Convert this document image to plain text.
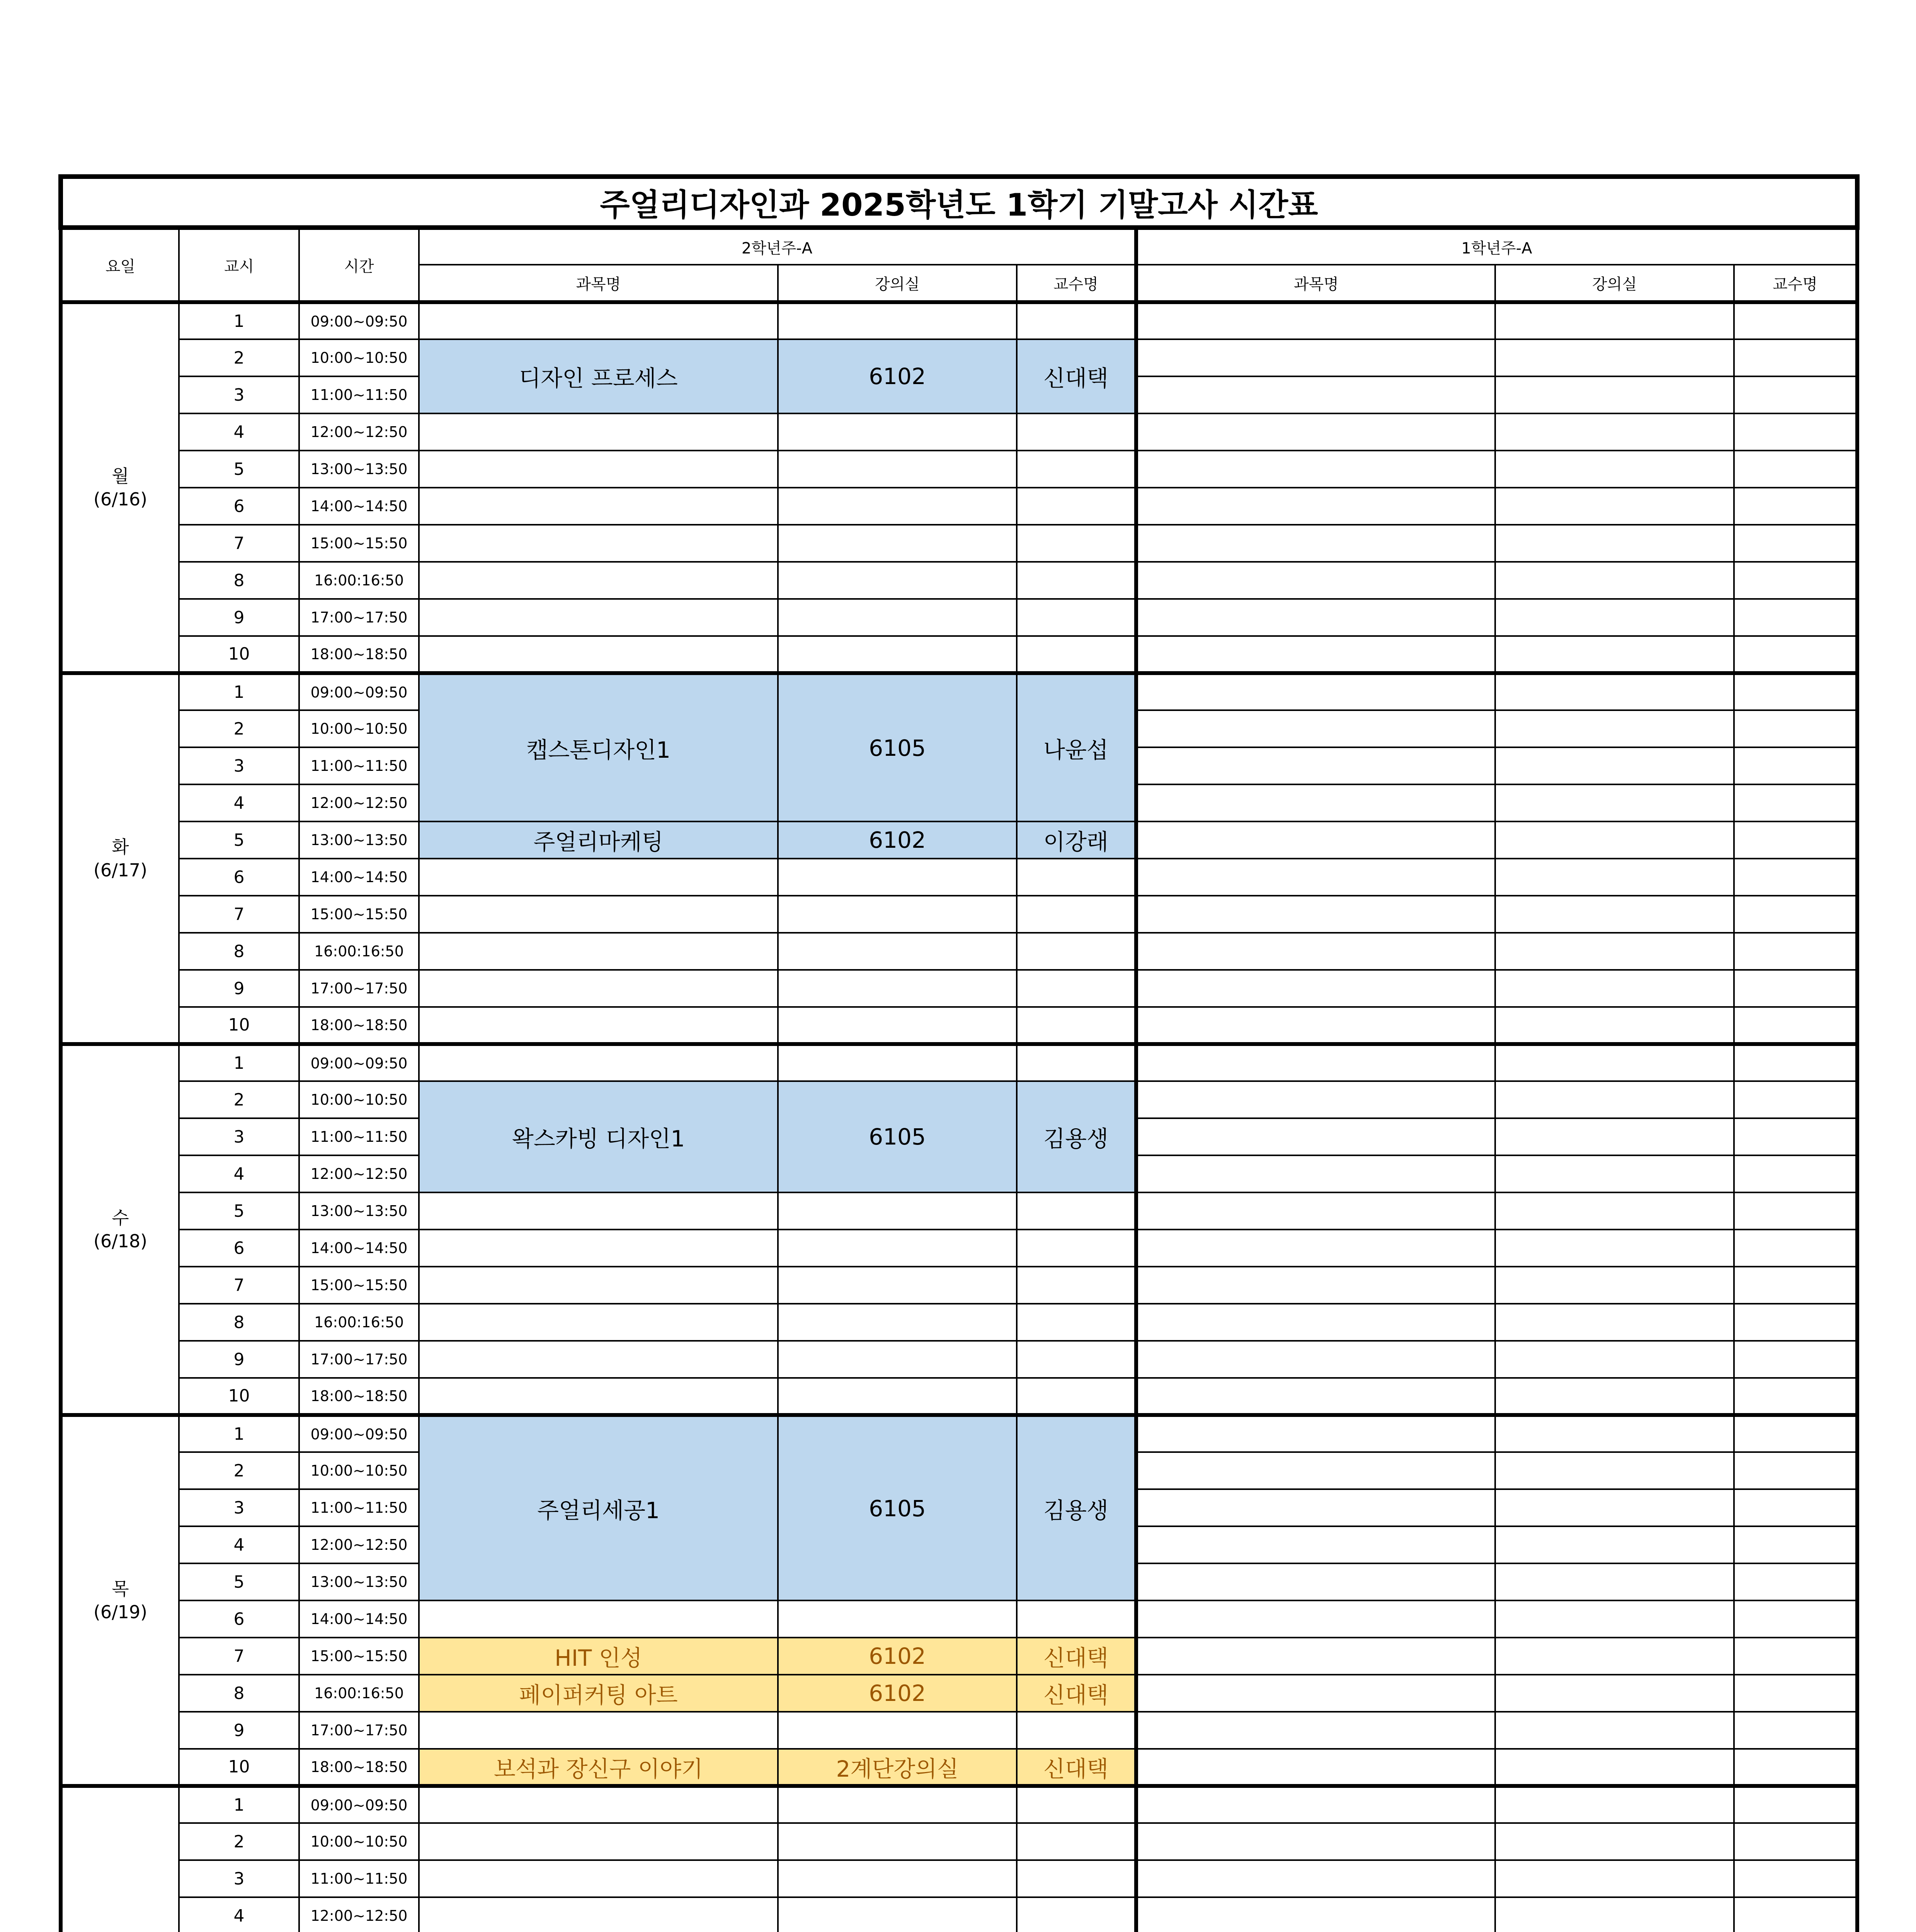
주얼리디자인과 2025학년도 1학기 기말고사 시간표								
요일	교시	시간	2학년주-A			1학년주-A		
			과목명	강의실	교수명	과목명	강의실	교수명

월
(6/16)	1	09:00~09:50						
	2	10:00~10:50	디자인 프로세스	6102	신대택			
	3	11:00~11:50						
	4	12:00~12:50						
	5	13:00~13:50						
	6	14:00~14:50						
	7	15:00~15:50						
	8	16:00:16:50						
	9	17:00~17:50						
	10	18:00~18:50						

화
(6/17)	1	09:00~09:50	캡스톤디자인1	6105	나윤섭			
	2	10:00~10:50						
	3	11:00~11:50						
	4	12:00~12:50						
	5	13:00~13:50	주얼리마케팅	6102	이강래			
	6	14:00~14:50						
	7	15:00~15:50						
	8	16:00:16:50						
	9	17:00~17:50						
	10	18:00~18:50						

수
(6/18)	1	09:00~09:50						
	2	10:00~10:50	왁스카빙 디자인1	6105	김용생			
	3	11:00~11:50						
	4	12:00~12:50						
	5	13:00~13:50						
	6	14:00~14:50						
	7	15:00~15:50						
	8	16:00:16:50						
	9	17:00~17:50						
	10	18:00~18:50						

목
(6/19)	1	09:00~09:50	주얼리세공1	6105	김용생			
	2	10:00~10:50						
	3	11:00~11:50						
	4	12:00~12:50						
	5	13:00~13:50						
	6	14:00~14:50						
	7	15:00~15:50	HIT 인성	6102	신대택			
	8	16:00:16:50	페이퍼커팅 아트	6102	신대택			
	9	17:00~17:50						
	10	18:00~18:50	보석과 장신구 이야기	2계단강의실	신대택			

	1	09:00~09:50						
	2	10:00~10:50						
	3	11:00~11:50						
	4	12:00~12:50						
